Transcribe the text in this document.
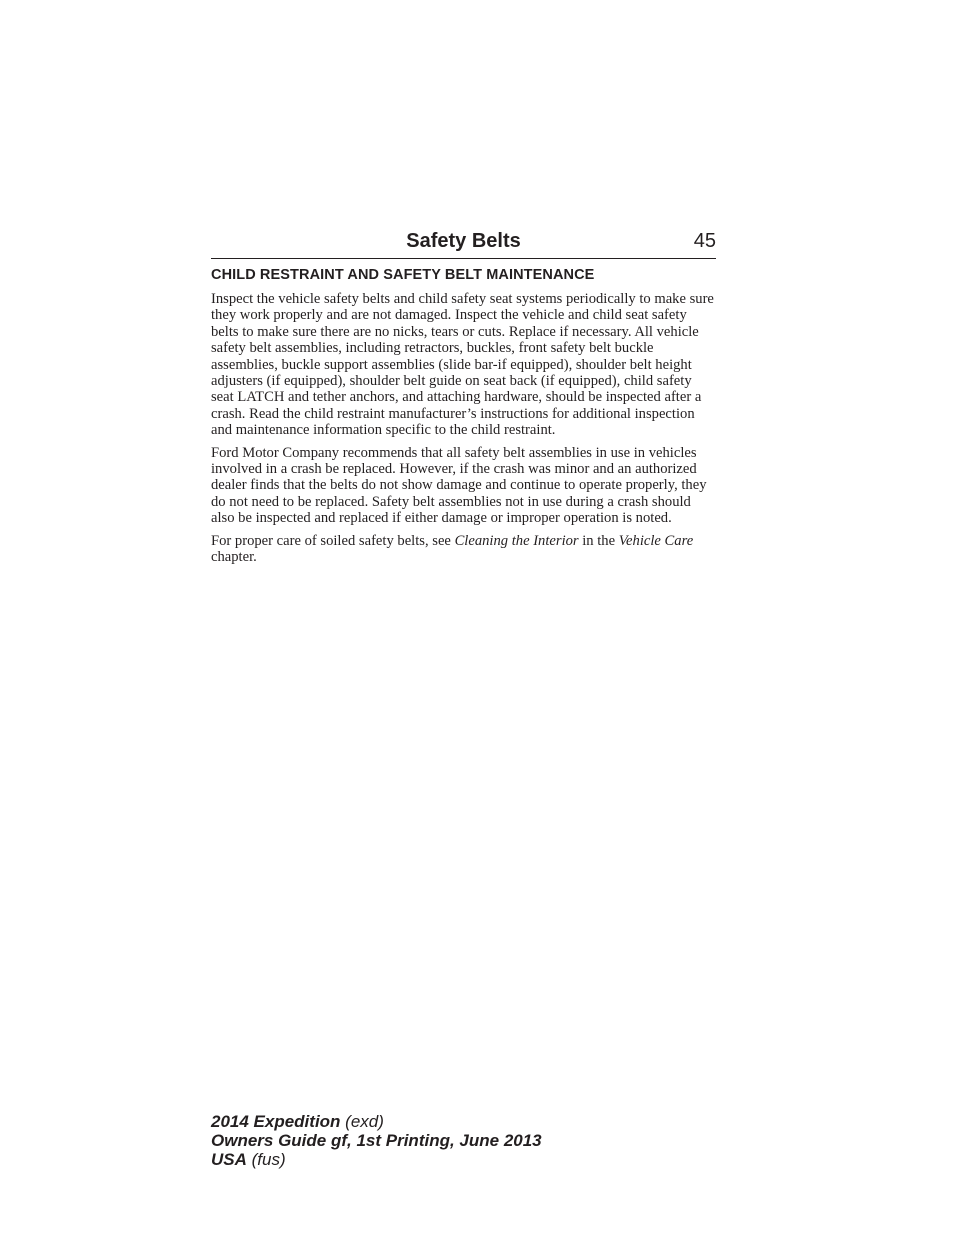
Safety Belts	45
CHILD RESTRAINT AND SAFETY BELT MAINTENANCE

Inspect the vehicle safety belts and child safety seat systems periodically to make sure they work properly and are not damaged. Inspect the vehicle and child seat safety belts to make sure there are no nicks, tears or cuts. Replace if necessary. All vehicle safety belt assemblies, including retractors, buckles, front safety belt buckle assemblies, buckle support assemblies (slide bar-if equipped), shoulder belt height adjusters (if equipped), shoulder belt guide on seat back (if equipped), child safety seat LATCH and tether anchors, and attaching hardware, should be inspected after a crash. Read the child restraint manufacturer’s instructions for additional inspection and maintenance information specific to the child restraint.

Ford Motor Company recommends that all safety belt assemblies in use in vehicles involved in a crash be replaced. However, if the crash was minor and an authorized dealer finds that the belts do not show damage and continue to operate properly, they do not need to be replaced. Safety belt assemblies not in use during a crash should also be inspected and replaced if either damage or improper operation is noted.

For proper care of soiled safety belts, see Cleaning the Interior in the Vehicle Care chapter.

2014 Expedition (exd)
Owners Guide gf, 1st Printing, June 2013
USA (fus)
